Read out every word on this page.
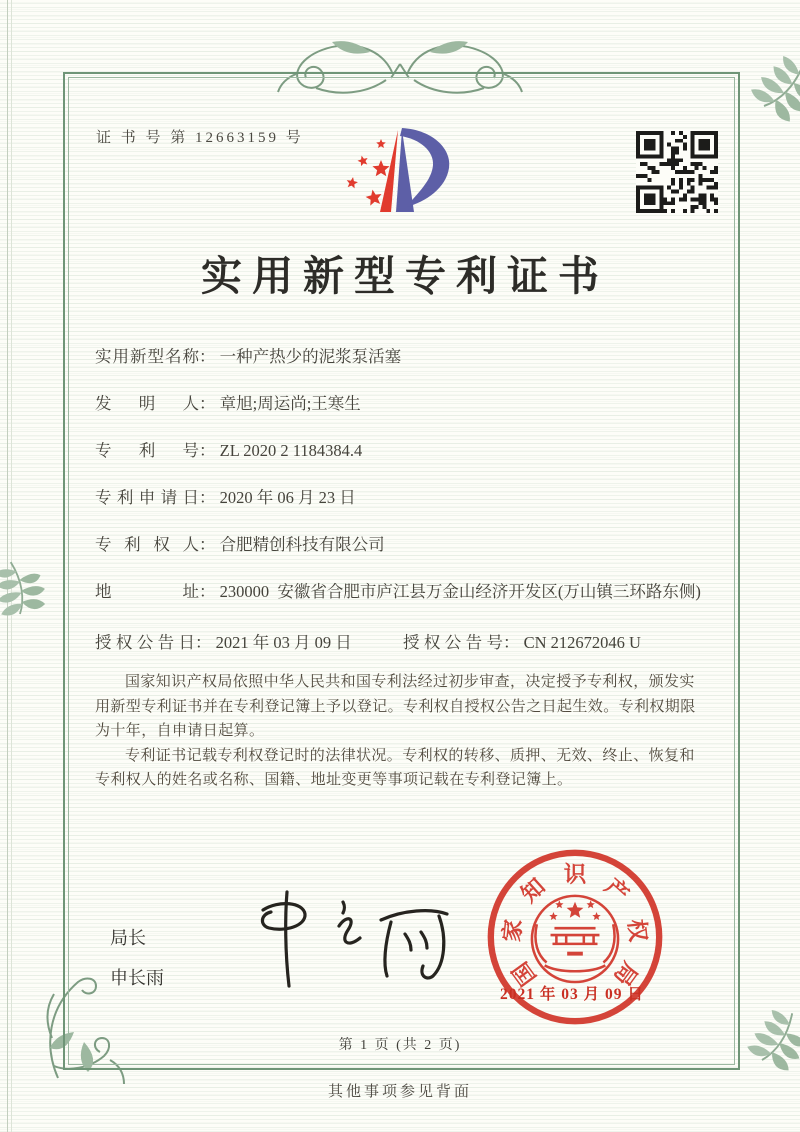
证 书 号 第 12663159 号
实用新型专利证书
实用新型名称： 一种产热少的泥浆泵活塞
发明人： 章旭;周运尚;王寒生
专利号： ZL 2020 2 1184384.4
专利申请日： 2020 年 06 月 23 日
专利权人： 合肥精创科技有限公司
地址： 230000  安徽省合肥市庐江县万金山经济开发区(万山镇三环路东侧)
授权公告日： 2021 年 03 月 09 日	授权公告号： CN 212672046 U

国家知识产权局依照中华人民共和国专利法经过初步审查，决定授予专利权，颁发实用新型专利证书并在专利登记簿上予以登记。专利权自授权公告之日起生效。专利权期限为十年，自申请日起算。

专利证书记载专利权登记时的法律状况。专利权的转移、质押、无效、终止、恢复和专利权人的姓名或名称、国籍、地址变更等事项记载在专利登记簿上。

局长
申长雨	国
家
知 识 产
权
局
2021 年 03 月 09 日
第 1 页 (共 2 页)
其他事项参见背面
